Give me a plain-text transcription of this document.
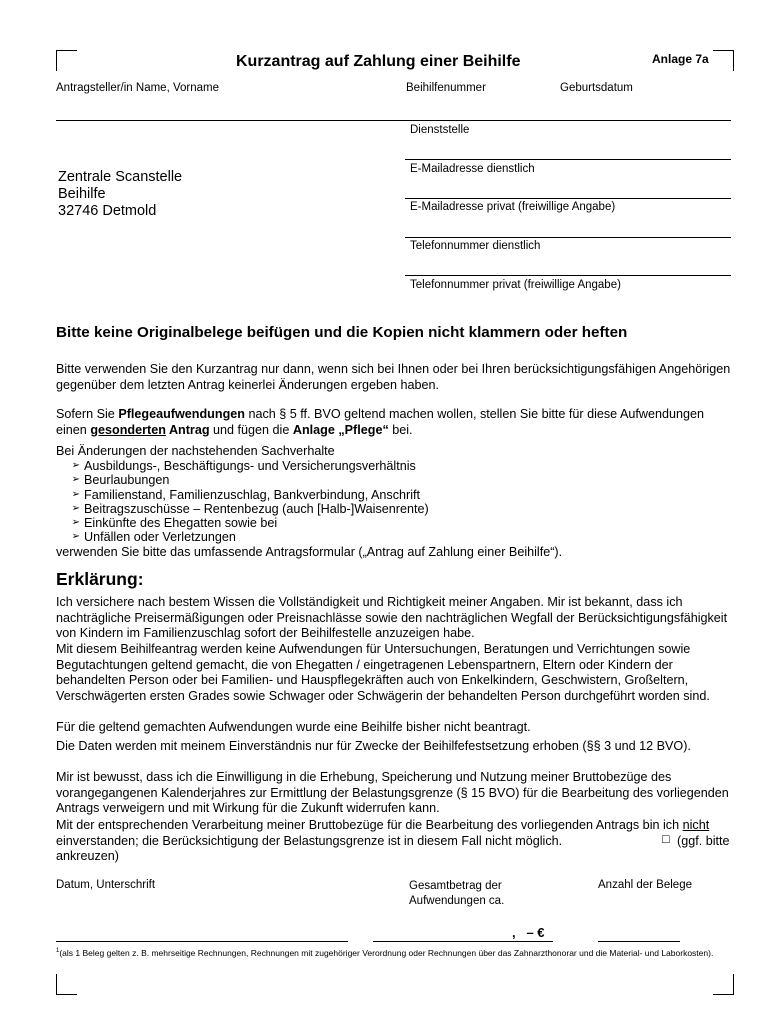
Kurzantrag auf Zahlung einer Beihilfe	Anlage 7a
Antragsteller/in Name, Vorname	Beihilfenummer	Geburtsdatum
Zentrale Scanstelle
Beihilfe
32746 Detmold
Dienststelle
E-Mailadresse dienstlich
E-Mailadresse privat (freiwillige Angabe)
Telefonnummer dienstlich
Telefonnummer privat (freiwillige Angabe)
Bitte keine Originalbelege beifügen und die Kopien nicht klammern oder heften
Bitte verwenden Sie den Kurzantrag nur dann, wenn sich bei Ihnen oder bei Ihren berücksichtigungsfähigen Angehörigen gegenüber dem letzten Antrag keinerlei Änderungen ergeben haben.
Sofern Sie Pflegeaufwendungen nach § 5 ff. BVO geltend machen wollen, stellen Sie bitte für diese Aufwendungen einen gesonderten Antrag und fügen die Anlage „Pflege“ bei.
Bei Änderungen der nachstehenden Sachverhalte
➢ Ausbildungs-, Beschäftigungs- und Versicherungsverhältnis
➢ Beurlaubungen
➢ Familienstand, Familienzuschlag, Bankverbindung, Anschrift
➢ Beitragszuschüsse – Rentenbezug (auch [Halb-]Waisenrente)
➢ Einkünfte des Ehegatten sowie bei
➢ Unfällen oder Verletzungen
verwenden Sie bitte das umfassende Antragsformular („Antrag auf Zahlung einer Beihilfe“).
Erklärung:
Ich versichere nach bestem Wissen die Vollständigkeit und Richtigkeit meiner Angaben. Mir ist bekannt, dass ich nachträgliche Preisermäßigungen oder Preisnachlässe sowie den nachträglichen Wegfall der Berücksichtigungsfähigkeit von Kindern im Familienzuschlag sofort der Beihilfestelle anzuzeigen habe.
Mit diesem Beihilfeantrag werden keine Aufwendungen für Untersuchungen, Beratungen und Verrichtungen sowie Begutachtungen geltend gemacht, die von Ehegatten / eingetragenen Lebenspartnern, Eltern oder Kindern der behandelten Person oder bei Familien- und Hauspflegekräften auch von Enkelkindern, Geschwistern, Großeltern, Verschwägerten ersten Grades sowie Schwager oder Schwägerin der behandelten Person durchgeführt worden sind.
Für die geltend gemachten Aufwendungen wurde eine Beihilfe bisher nicht beantragt.
Die Daten werden mit meinem Einverständnis nur für Zwecke der Beihilfefestsetzung erhoben (§§ 3 und 12 BVO).
Mir ist bewusst, dass ich die Einwilligung in die Erhebung, Speicherung und Nutzung meiner Bruttobezüge des vorangegangenen Kalenderjahres zur Ermittlung der Belastungsgrenze (§ 15 BVO) für die Bearbeitung des vorliegenden Antrags verweigern und mit Wirkung für die Zukunft widerrufen kann.
Mit der entsprechenden Verarbeitung meiner Bruttobezüge für die Bearbeitung des vorliegenden Antrags bin ich nicht einverstanden; die Berücksichtigung der Belastungsgrenze ist in diesem Fall nicht möglich.	□ (ggf. bitte
ankreuzen)
Datum, Unterschrift	Gesamtbetrag der
Aufwendungen ca.
Anzahl der Belege
,   – €
$^1$(als 1 Beleg gelten z. B. mehrseitige Rechnungen, Rechnungen mit zugehöriger Verordnung oder Rechnungen über das Zahnarzthonorar und die Material- und Laborkosten).
